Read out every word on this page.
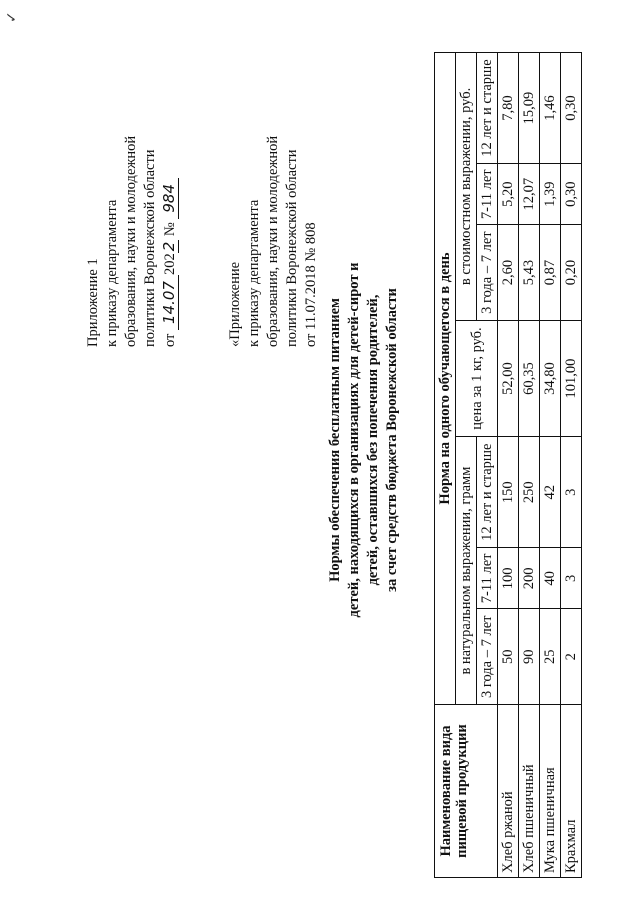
✓
Приложение 1 к приказу департамента образования, науки и молодежной политики Воронежской области от 14.072022 № 984
«Приложение к приказу департамента образования, науки и молодежной политики Воронежской области от 11.07.2018 № 808
Нормы обеспечения бесплатным питанием детей, находящихся в организациях для детей-сирот и детей, оставшихся без попечения родителей, за счет средств бюджета Воронежской области
Наименование вида пищевой продукции	Норма на одного обучающегося в день						
	в натуральном выражении, грамм			цена за 1 кг, руб.	в стоимостном выражении, руб.		
	3 года – 7 лет	7-11 лет	12 лет и старше		3 года – 7 лет	7-11 лет	12 лет и старше
Хлеб ржаной	50	100	150	52,00	2,60	5,20	7,80
Хлеб пшеничный	90	200	250	60,35	5,43	12,07	15,09
Мука пшеничная	25	40	42	34,80	0,87	1,39	1,46
Крахмал	2	3	3	101,00	0,20	0,30	0,30
